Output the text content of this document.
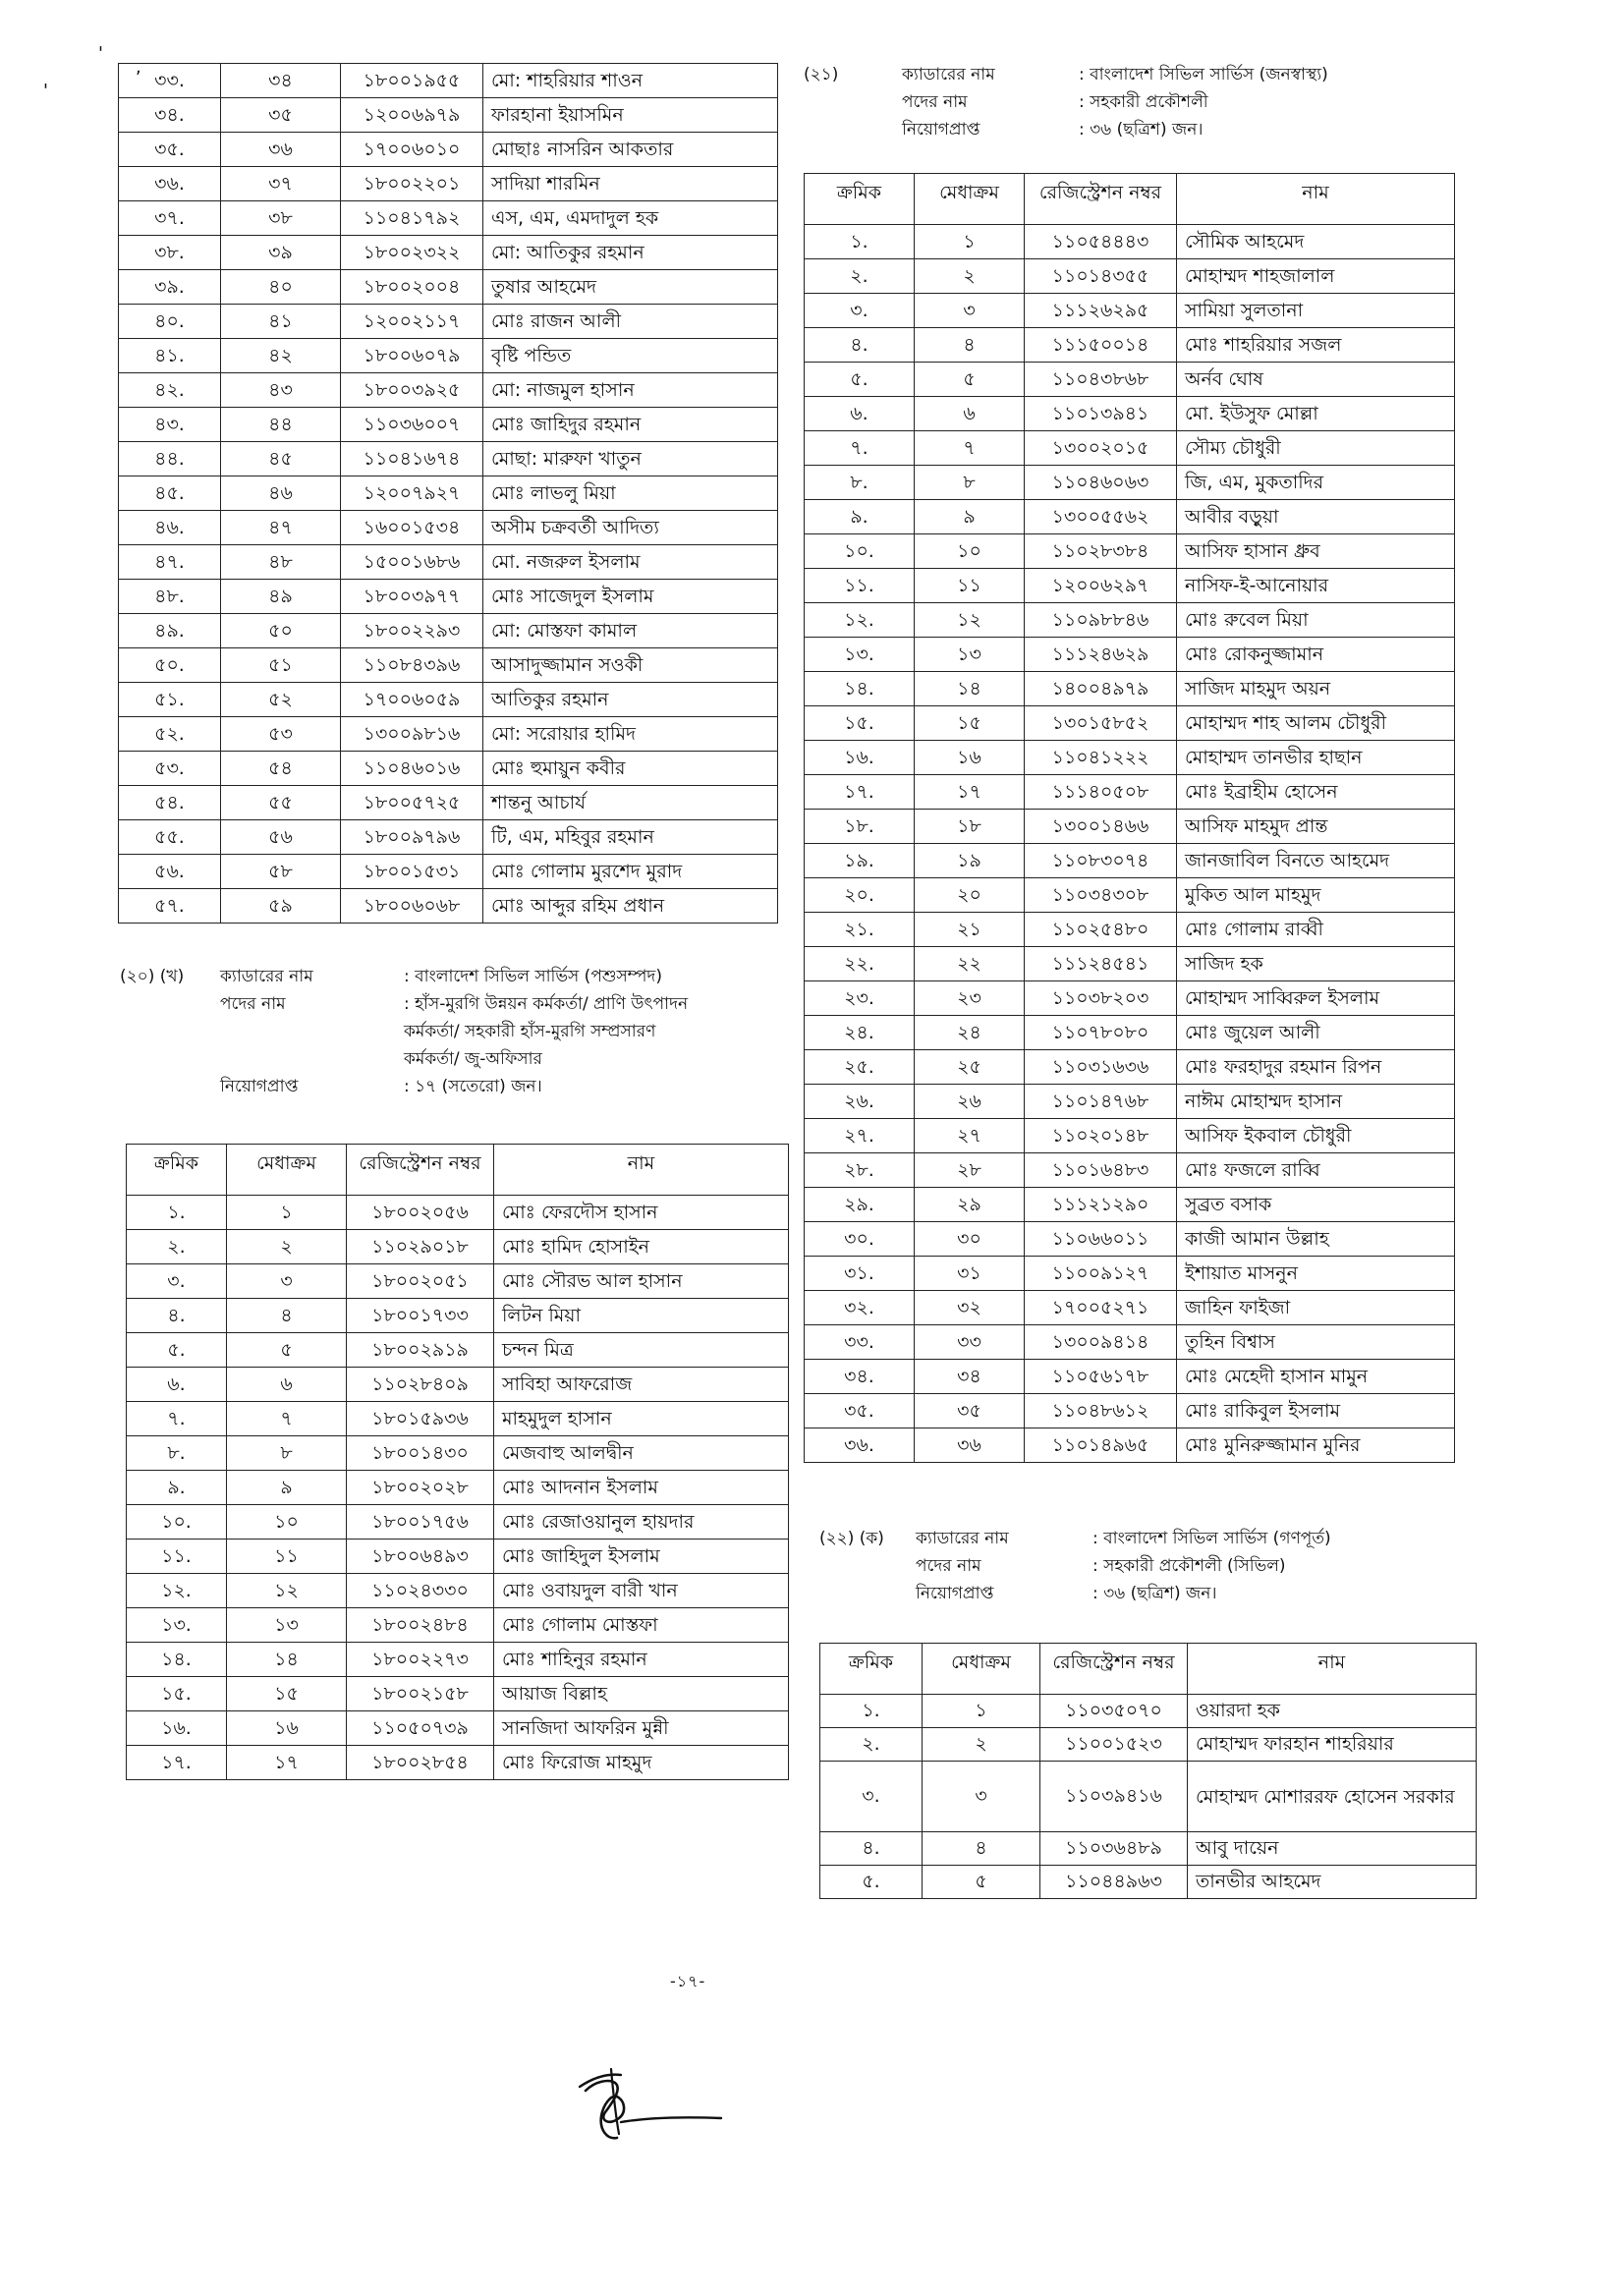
'
,
'	৩৩.	৩৪	১৮০০১৯৫৫	মো: শাহরিয়ার শাওন
৩৪.	৩৫	১২০০৬৯৭৯	ফারহানা ইয়াসমিন
৩৫.	৩৬	১৭০০৬০১০	মোছাঃ নাসরিন আকতার
৩৬.	৩৭	১৮০০২২০১	সাদিয়া শারমিন
৩৭.	৩৮	১১০৪১৭৯২	এস, এম, এমদাদুল হক
৩৮.	৩৯	১৮০০২৩২২	মো: আতিকুর রহমান
৩৯.	৪০	১৮০০২০০৪	তুষার আহমেদ
৪০.	৪১	১২০০২১১৭	মোঃ রাজন আলী
৪১.	৪২	১৮০০৬০৭৯	বৃষ্টি পন্ডিত
৪২.	৪৩	১৮০০৩৯২৫	মো: নাজমুল হাসান
৪৩.	৪৪	১১০৩৬০০৭	মোঃ জাহিদুর রহমান
৪৪.	৪৫	১১০৪১৬৭৪	মোছা: মারুফা খাতুন
৪৫.	৪৬	১২০০৭৯২৭	মোঃ লাভলু মিয়া
৪৬.	৪৭	১৬০০১৫৩৪	অসীম চক্রবর্তী আদিত্য
৪৭.	৪৮	১৫০০১৬৮৬	মো. নজরুল ইসলাম
৪৮.	৪৯	১৮০০৩৯৭৭	মোঃ সাজেদুল ইসলাম
৪৯.	৫০	১৮০০২২৯৩	মো: মোস্তফা কামাল
৫০.	৫১	১১০৮৪৩৯৬	আসাদুজ্জামান সওকী
৫১.	৫২	১৭০০৬০৫৯	আতিকুর রহমান
৫২.	৫৩	১৩০০৯৮১৬	মো: সরোয়ার হামিদ
৫৩.	৫৪	১১০৪৬০১৬	মোঃ হুমায়ুন কবীর
৫৪.	৫৫	১৮০০৫৭২৫	শান্তনু আচার্য
৫৫.	৫৬	১৮০০৯৭৯৬	টি, এম, মহিবুর রহমান
৫৬.	৫৮	১৮০০১৫৩১	মোঃ গোলাম মুরশেদ মুরাদ
৫৭.	৫৯	১৮০০৬০৬৮	মোঃ আব্দুর রহিম প্রধান
(২০) (খ)	ক্যাডারের নাম	: বাংলাদেশ সিভিল সার্ভিস (পশুসম্পদ)
পদের নাম	: হাঁস-মুরগি উন্নয়ন কর্মকর্তা/ প্রাণি উৎপাদন
কর্মকর্তা/ সহকারী হাঁস-মুরগি সম্প্রসারণ
কর্মকর্তা/ জু-অফিসার
নিয়োগপ্রাপ্ত	: ১৭ (সতেরো) জন।
ক্রমিক	মেধাক্রম	রেজিস্ট্রেশন নম্বর	নাম
১.	১	১৮০০২০৫৬	মোঃ ফেরদৌস হাসান
২.	২	১১০২৯০১৮	মোঃ হামিদ হোসাইন
৩.	৩	১৮০০২০৫১	মোঃ সৌরভ আল হাসান
৪.	৪	১৮০০১৭৩৩	লিটন মিয়া
৫.	৫	১৮০০২৯১৯	চন্দন মিত্র
৬.	৬	১১০২৮৪০৯	সাবিহা আফরোজ
৭.	৭	১৮০১৫৯৩৬	মাহমুদুল হাসান
৮.	৮	১৮০০১৪৩০	মেজবাহু আলদ্বীন
৯.	৯	১৮০০২০২৮	মোঃ আদনান ইসলাম
১০.	১০	১৮০০১৭৫৬	মোঃ রেজাওয়ানুল হায়দার
১১.	১১	১৮০০৬৪৯৩	মোঃ জাহিদুল ইসলাম
১২.	১২	১১০২৪৩৩০	মোঃ ওবায়দুল বারী খান
১৩.	১৩	১৮০০২৪৮৪	মোঃ গোলাম মোস্তফা
১৪.	১৪	১৮০০২২৭৩	মোঃ শাহিনুর রহমান
১৫.	১৫	১৮০০২১৫৮	আয়াজ বিল্লাহ
১৬.	১৬	১১০৫০৭৩৯	সানজিদা আফরিন মুন্নী
১৭.	১৭	১৮০০২৮৫৪	মোঃ ফিরোজ মাহমুদ
(২১)	ক্যাডারের নাম	: বাংলাদেশ সিভিল সার্ভিস (জনস্বাস্থ্য)
পদের নাম	: সহকারী প্রকৌশলী
নিয়োগপ্রাপ্ত	: ৩৬ (ছত্রিশ) জন।
ক্রমিক	মেধাক্রম	রেজিস্ট্রেশন নম্বর	নাম
১.	১	১১০৫৪৪৪৩	সৌমিক আহমেদ
২.	২	১১০১৪৩৫৫	মোহাম্মদ শাহজালাল
৩.	৩	১১১২৬২৯৫	সামিয়া সুলতানা
৪.	৪	১১১৫০০১৪	মোঃ শাহরিয়ার সজল
৫.	৫	১১০৪৩৮৬৮	অর্নব ঘোষ
৬.	৬	১১০১৩৯৪১	মো. ইউসুফ মোল্লা
৭.	৭	১৩০০২০১৫	সৌম্য চৌধুরী
৮.	৮	১১০৪৬০৬৩	জি, এম, মুকতাদির
৯.	৯	১৩০০৫৫৬২	আবীর বড়ুয়া
১০.	১০	১১০২৮৩৮৪	আসিফ হাসান ধ্রুব
১১.	১১	১২০০৬২৯৭	নাসিফ-ই-আনোয়ার
১২.	১২	১১০৯৮৮৪৬	মোঃ রুবেল মিয়া
১৩.	১৩	১১১২৪৬২৯	মোঃ রোকনুজ্জামান
১৪.	১৪	১৪০০৪৯৭৯	সাজিদ মাহমুদ অয়ন
১৫.	১৫	১৩০১৫৮৫২	মোহাম্মদ শাহ আলম চৌধুরী
১৬.	১৬	১১০৪১২২২	মোহাম্মদ তানভীর হাছান
১৭.	১৭	১১১৪০৫০৮	মোঃ ইব্রাহীম হোসেন
১৮.	১৮	১৩০০১৪৬৬	আসিফ মাহমুদ প্রান্ত
১৯.	১৯	১১০৮৩০৭৪	জানজাবিল বিনতে আহমেদ
২০.	২০	১১০৩৪৩০৮	মুকিত আল মাহমুদ
২১.	২১	১১০২৫৪৮০	মোঃ গোলাম রাব্বী
২২.	২২	১১১২৪৫৪১	সাজিদ হক
২৩.	২৩	১১০৩৮২০৩	মোহাম্মদ সাব্বিরুল ইসলাম
২৪.	২৪	১১০৭৮০৮০	মোঃ জুয়েল আলী
২৫.	২৫	১১০৩১৬৩৬	মোঃ ফরহাদুর রহমান রিপন
২৬.	২৬	১১০১৪৭৬৮	নাঈম মোহাম্মদ হাসান
২৭.	২৭	১১০২০১৪৮	আসিফ ইকবাল চৌধুরী
২৮.	২৮	১১০১৬৪৮৩	মোঃ ফজলে রাব্বি
২৯.	২৯	১১১২১২৯০	সুব্রত বসাক
৩০.	৩০	১১০৬৬০১১	কাজী আমান উল্লাহ
৩১.	৩১	১১০০৯১২৭	ইশায়াত মাসনুন
৩২.	৩২	১৭০০৫২৭১	জাহিন ফাইজা
৩৩.	৩৩	১৩০০৯৪১৪	তুহিন বিশ্বাস
৩৪.	৩৪	১১০৫৬১৭৮	মোঃ মেহেদী হাসান মামুন
৩৫.	৩৫	১১০৪৮৬১২	মোঃ রাকিবুল ইসলাম
৩৬.	৩৬	১১০১৪৯৬৫	মোঃ মুনিরুজ্জামান মুনির
(২২) (ক)	ক্যাডারের নাম	: বাংলাদেশ সিভিল সার্ভিস (গণপূর্ত)
পদের নাম	: সহকারী প্রকৌশলী (সিভিল)
নিয়োগপ্রাপ্ত	: ৩৬ (ছত্রিশ) জন।
ক্রমিক	মেধাক্রম	রেজিস্ট্রেশন নম্বর	নাম
১.	১	১১০৩৫০৭০	ওয়ারদা হক
২.	২	১১০০১৫২৩	মোহাম্মদ ফারহান শাহরিয়ার
৩.	৩	১১০৩৯৪১৬	মোহাম্মদ মোশাররফ হোসেন সরকার
৪.	৪	১১০৩৬৪৮৯	আবু দায়েন
৫.	৫	১১০৪৪৯৬৩	তানভীর আহমেদ
-১৭-
